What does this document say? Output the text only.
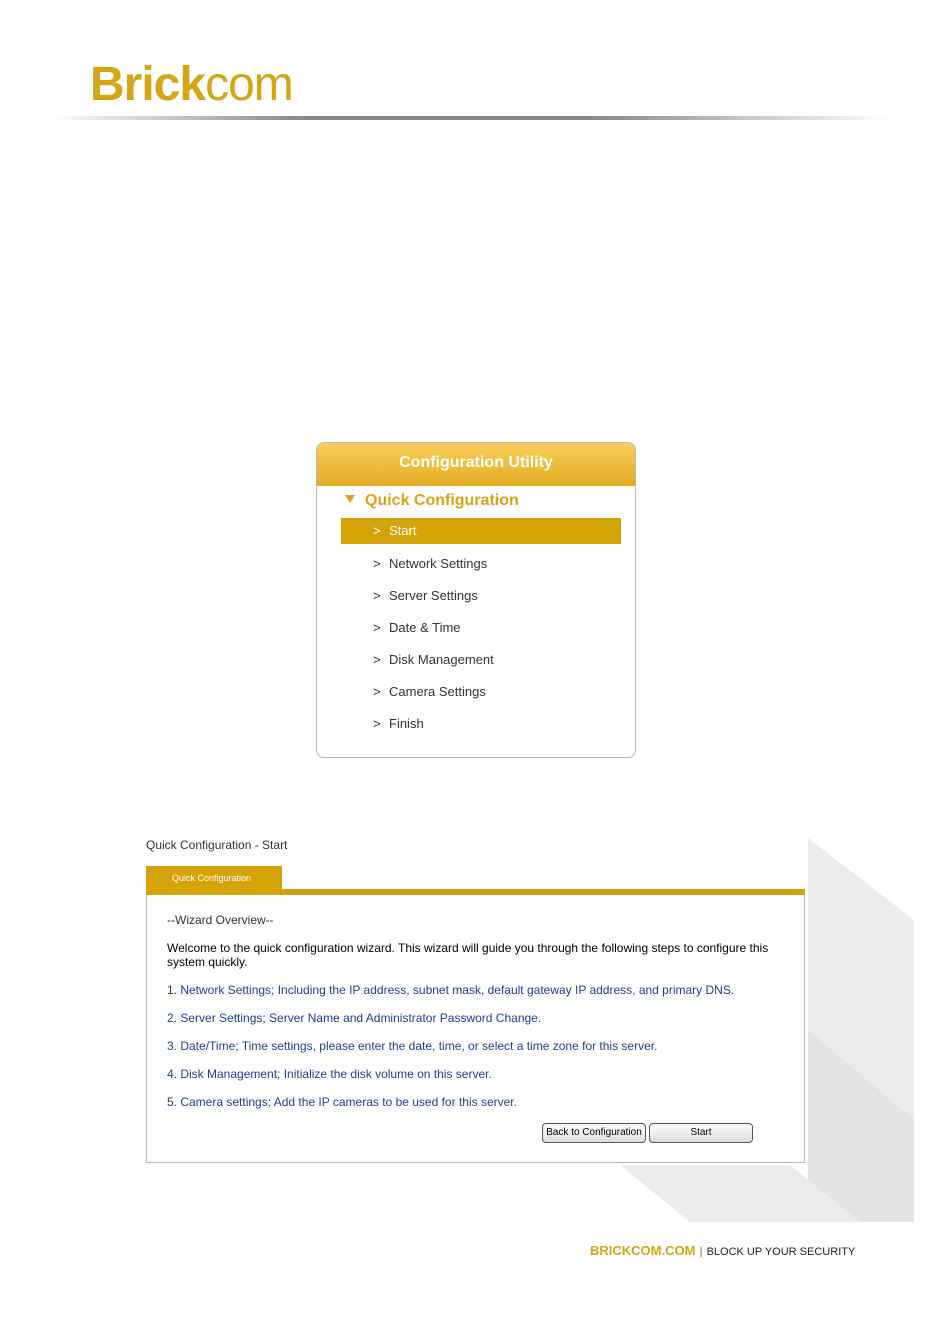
Brickcom
Configuration Utility
Quick Configuration
> Start
> Network Settings
> Server Settings
> Date & Time
> Disk Management
> Camera Settings
> Finish
Quick Configuration - Start
Quick Configuration

--Wizard Overview--

Welcome to the quick configuration wizard. This wizard will guide you through the following steps to configure this system quickly.

1. Network Settings; Including the IP address, subnet mask, default gateway IP address, and primary DNS.

2. Server Settings; Server Name and Administrator Password Change.

3. Date/Time; Time settings, please enter the date, time, or select a time zone for this server.

4. Disk Management; Initialize the disk volume on this server.

5. Camera settings; Add the IP cameras to be used for this server.

Back to Configuration	Start
BRICKCOM.COM | BLOCK UP YOUR SECURITY
